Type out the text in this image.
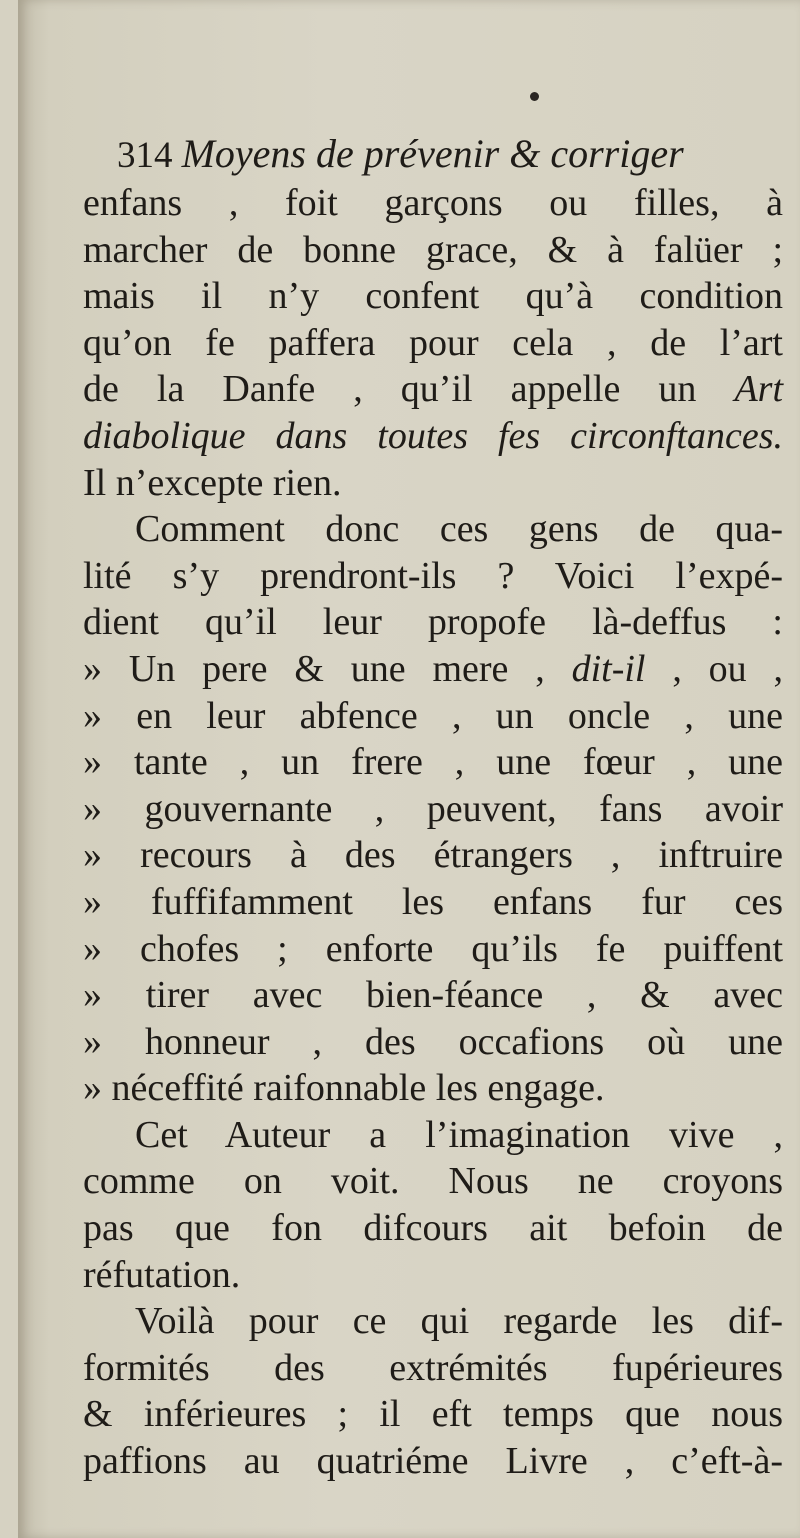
314 Moyens de prévenir & corriger
enfans , foit garçons ou filles, à
marcher de bonne grace, & à falüer ;
mais il n’y confent qu’à condition
qu’on fe paffera pour cela , de l’art
de la Danfe , qu’il appelle un Art
diabolique dans toutes fes circonftances.
Il n’excepte rien.
Comment donc ces gens de qua-
lité s’y prendront-ils ? Voici l’expé-
dient qu’il leur propofe là-deffus :
» Un pere & une mere , dit-il , ou ,
» en leur abfence , un oncle , une
» tante , un frere , une fœur , une
» gouvernante , peuvent, fans avoir
» recours à des étrangers , inftruire
» fuffifamment les enfans fur ces
» chofes ; enforte qu’ils fe puiffent
» tirer avec bien-féance , & avec
» honneur , des occafions où une
» néceffité raifonnable les engage.
Cet Auteur a l’imagination vive ,
comme on voit. Nous ne croyons
pas que fon difcours ait befoin de
réfutation.
Voilà pour ce qui regarde les dif-
formités des extrémités fupérieures
& inférieures ; il eft temps que nous
paffions au quatriéme Livre , c’eft-à-
